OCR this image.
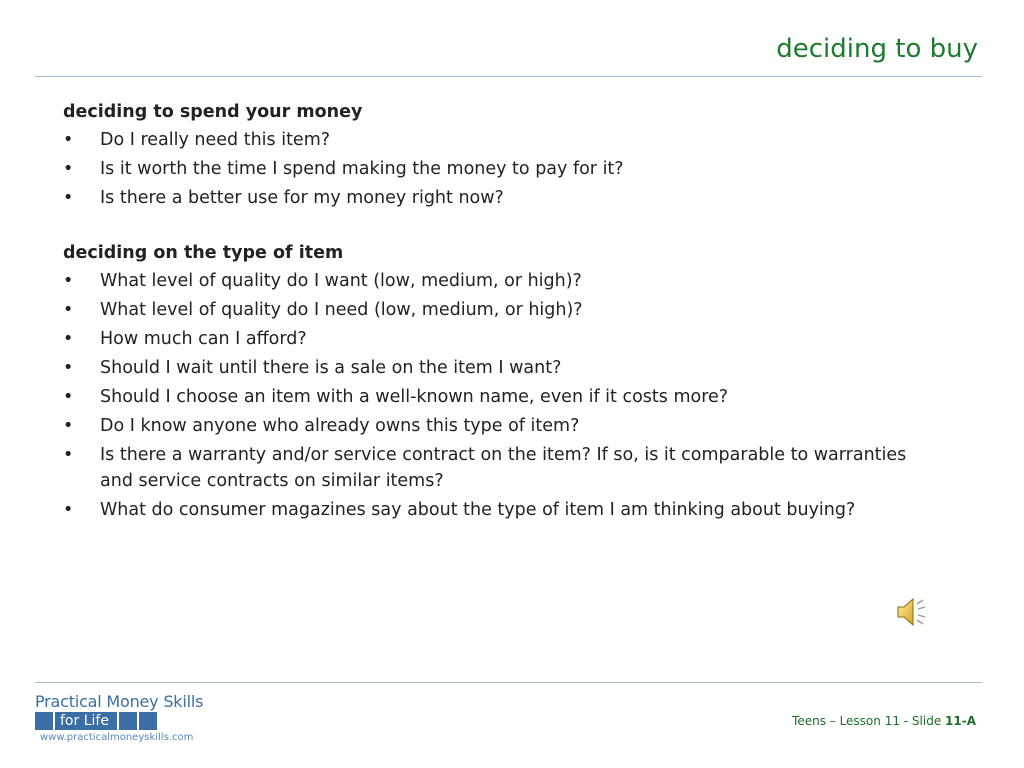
deciding to buy

deciding to spend your money

• Do I really need this item?
• Is it worth the time I spend making the money to pay for it?
• Is there a better use for my money right now?

deciding on the type of item

• What level of quality do I want (low, medium, or high)?
• What level of quality do I need (low, medium, or high)?
• How much can I afford?
• Should I wait until there is a sale on the item I want?
• Should I choose an item with a well-known name, even if it costs more?
• Do I know anyone who already owns this type of item?
• Is there a warranty and/or service contract on the item? If so, is it comparable to warranties and service contracts on similar items?
• What do consumer magazines say about the type of item I am thinking about buying?
Practical Money Skills
for Life
www.practicalmoneyskills.com
Teens – Lesson 11 - Slide 11-A
